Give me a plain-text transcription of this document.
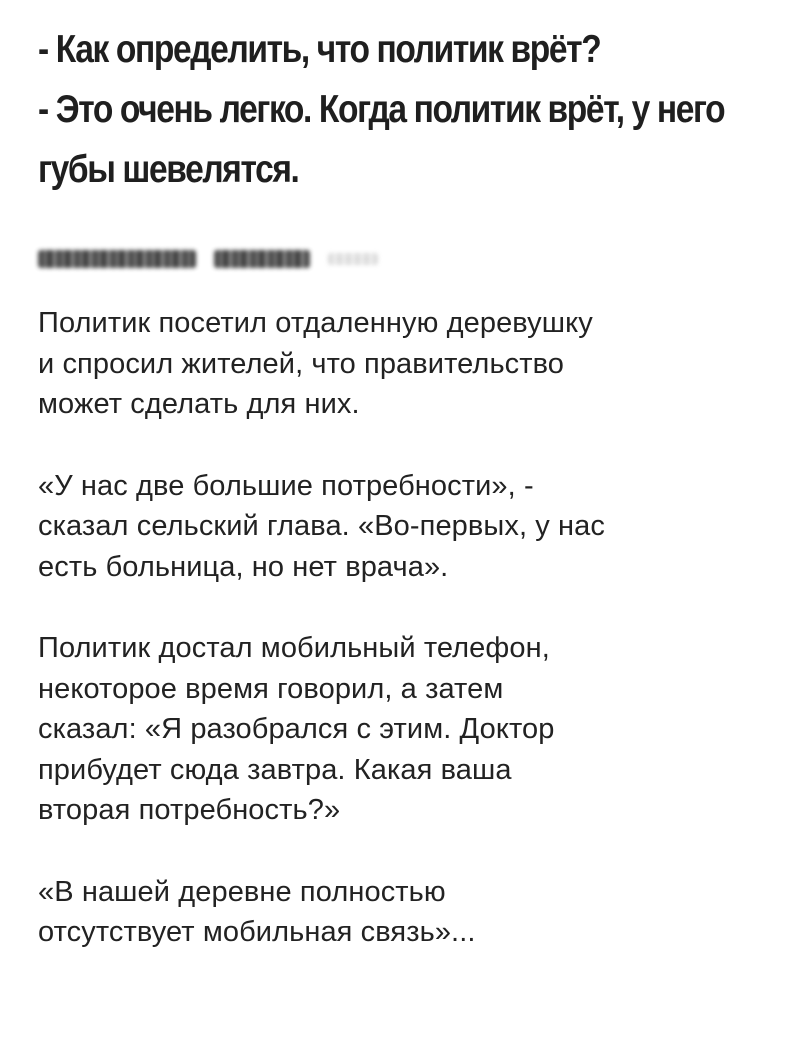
- Как определить, что политик врёт?

- Это очень легко. Когда политик врёт, у него

губы шевелятся.

Политик посетил отдаленную деревушку
и спросил жителей, что правительство
может сделать для них.

«У нас две большие потребности», -
сказал сельский глава. «Во-первых, у нас
есть больница, но нет врача».

Политик достал мобильный телефон,
некоторое время говорил, а затем
сказал: «Я разобрался с этим. Доктор
прибудет сюда завтра. Какая ваша
вторая потребность?»

«В нашей деревне полностью
отсутствует мобильная связь»...
